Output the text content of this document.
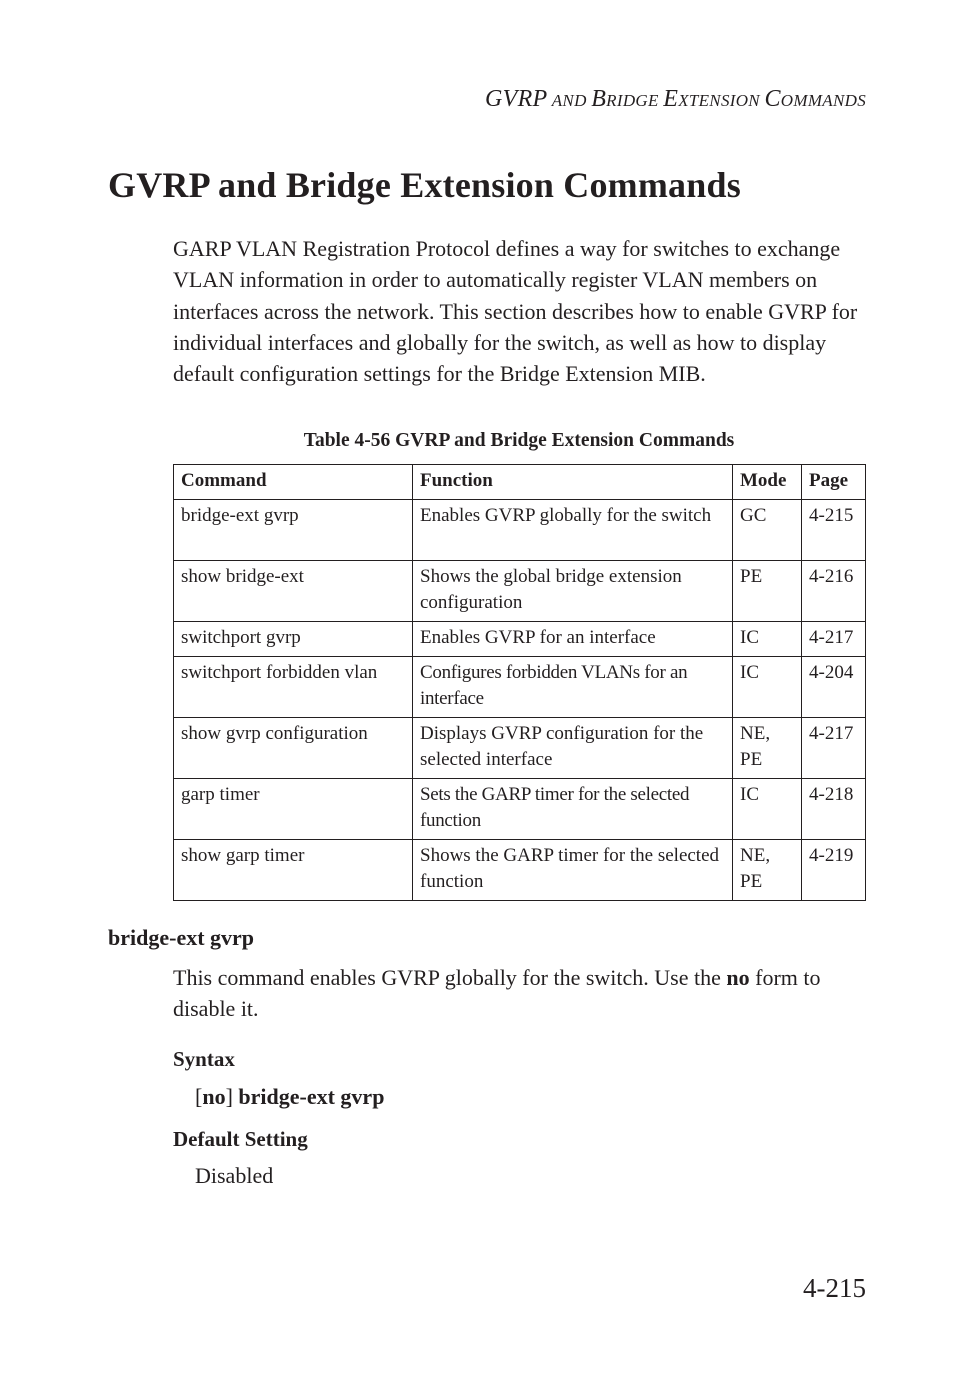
GVRP AND BRIDGE EXTENSION COMMANDS
GVRP and Bridge Extension Commands

GARP VLAN Registration Protocol defines a way for switches to exchange VLAN information in order to automatically register VLAN members on interfaces across the network. This section describes how to enable GVRP for individual interfaces and globally for the switch, as well as how to display default configuration settings for the Bridge Extension MIB.

Table 4-56 GVRP and Bridge Extension Commands
Command	Function	Mode	Page
bridge-ext gvrp	Enables GVRP globally for the switch	GC	4-215
show bridge-ext	Shows the global bridge extension configuration	PE	4-216
switchport gvrp	Enables GVRP for an interface	IC	4-217
switchport forbidden vlan	Configures forbidden VLANs for an interface	IC	4-204
show gvrp configuration	Displays GVRP configuration for the selected interface	NE, PE	4-217
garp timer	Sets the GARP timer for the selected function	IC	4-218
show garp timer	Shows the GARP timer for the selected function	NE, PE	4-219
bridge-ext gvrp

This command enables GVRP globally for the switch. Use the no form to disable it.

Syntax
[no] bridge-ext gvrp
Default Setting
Disabled
4-215
